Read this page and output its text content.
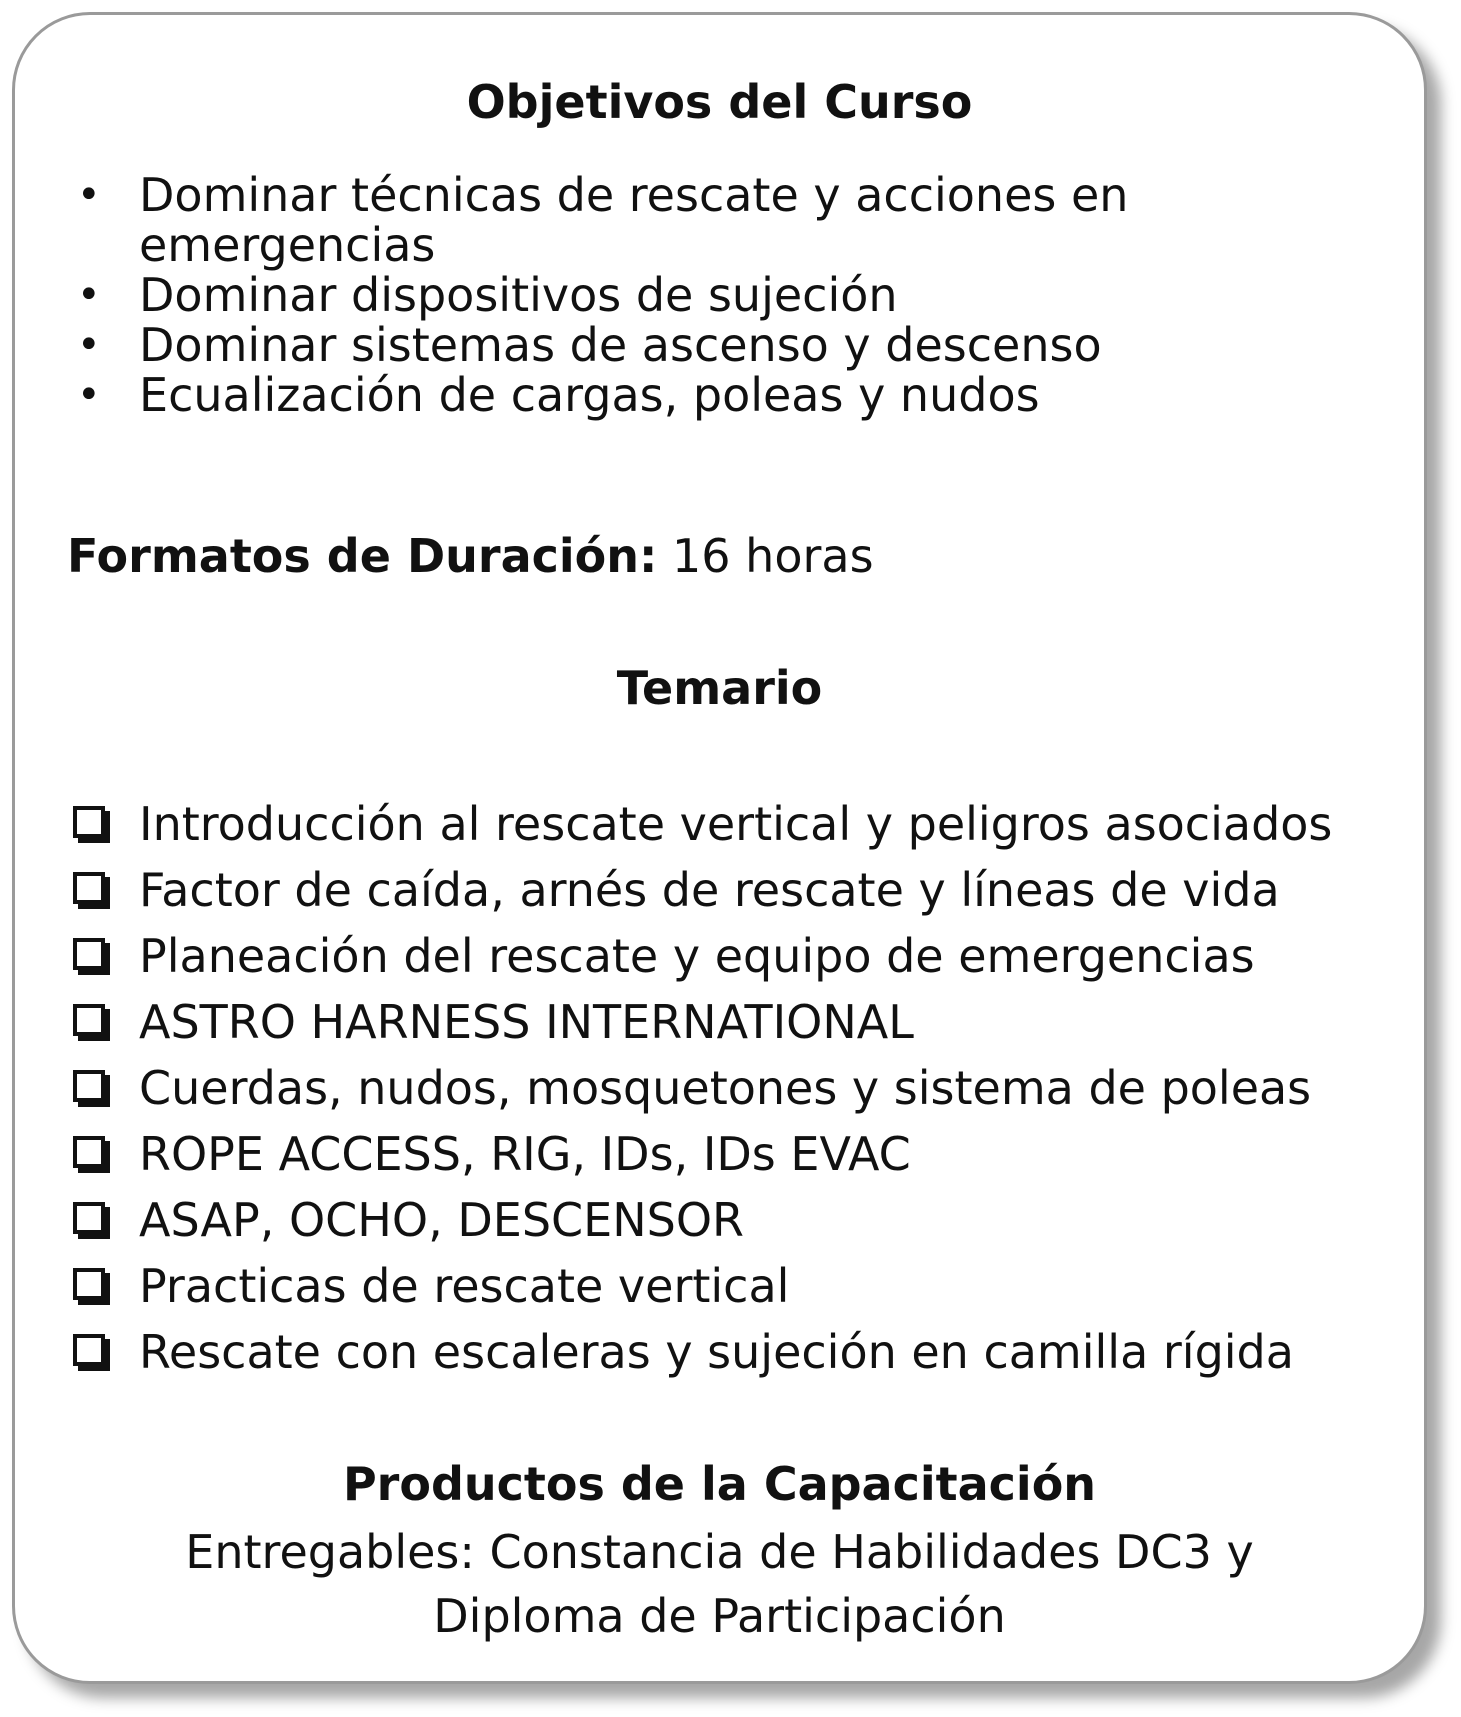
Objetivos del Curso
• Dominar técnicas de rescate y acciones en emergencias
• Dominar dispositivos de sujeción
• Dominar sistemas de ascenso y descenso
• Ecualización de cargas, poleas y nudos

Formatos de Duración: 16 horas

Temario
Introducción al rescate vertical y peligros asociados
Factor de caída, arnés de rescate y líneas de vida
Planeación del rescate y equipo de emergencias
ASTRO HARNESS INTERNATIONAL
Cuerdas, nudos, mosquetones y sistema de poleas
ROPE ACCESS, RIG, IDs, IDs EVAC
ASAP, OCHO, DESCENSOR
Practicas de rescate vertical
Rescate con escaleras y sujeción en camilla rígida
Productos de la Capacitación

Entregables: Constancia de Habilidades DC3 y
Diploma de Participación
